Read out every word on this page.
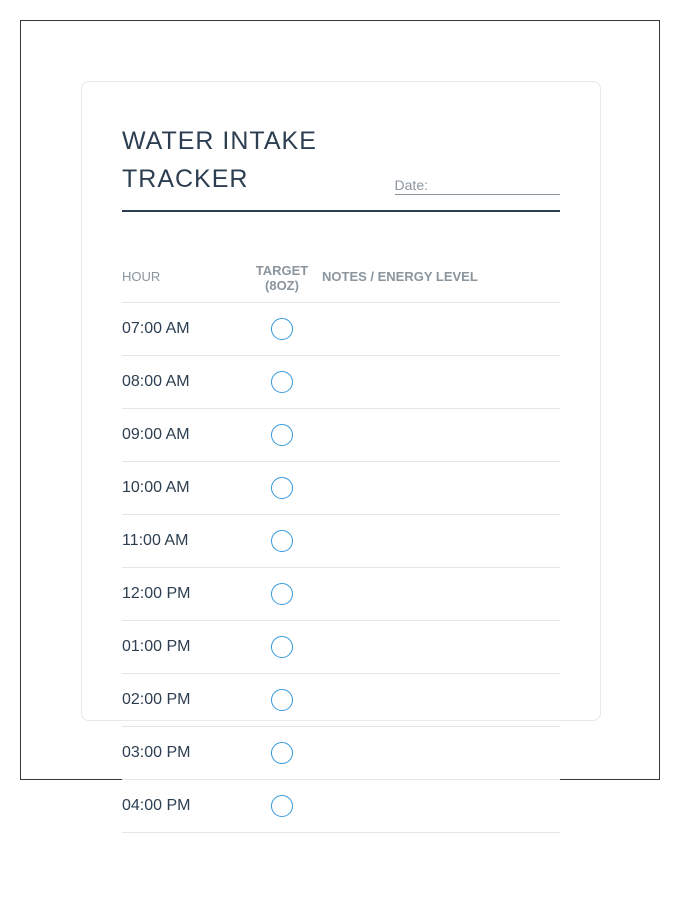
WATER INTAKE TRACKER	Date:
HOUR	TARGET (8OZ)
NOTES / ENERGY LEVEL
07:00 AM
08:00 AM
09:00 AM
10:00 AM
11:00 AM
12:00 PM
01:00 PM
02:00 PM
03:00 PM
04:00 PM
